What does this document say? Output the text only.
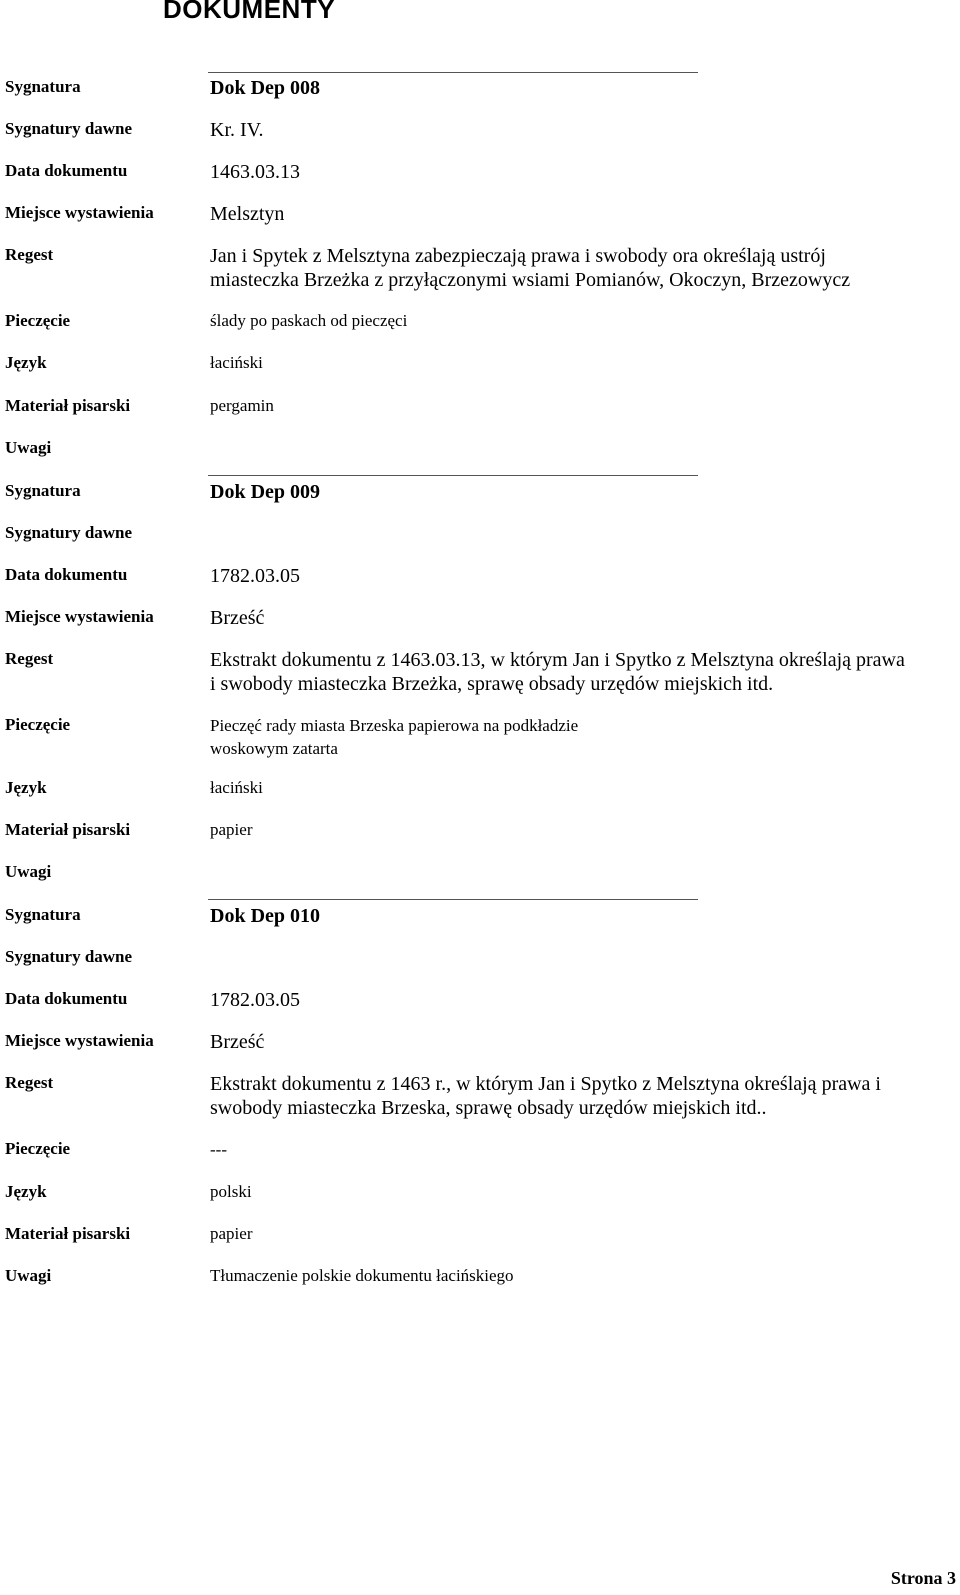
DOKUMENTY
Sygnatura	Dok Dep 008
Sygnatury dawne	Kr. IV.
Data dokumentu	1463.03.13
Miejsce wystawienia	Melsztyn
Regest	Jan i Spytek z Melsztyna zabezpieczają prawa i swobody ora określają ustrój
miasteczka Brzeżka z przyłączonymi wsiami Pomianów, Okoczyn, Brzezowycz
Pieczęcie	ślady po paskach od pieczęci
Język	łaciński
Materiał pisarski	pergamin
Uwagi
Sygnatura	Dok Dep 009
Sygnatury dawne
Data dokumentu	1782.03.05
Miejsce wystawienia	Brześć
Regest	Ekstrakt dokumentu z 1463.03.13, w którym Jan i Spytko z Melsztyna określają prawa
i swobody miasteczka Brzeżka, sprawę obsady urzędów miejskich itd.
Pieczęcie	Pieczęć rady miasta Brzeska papierowa na podkładzie
woskowym zatarta
Język	łaciński
Materiał pisarski	papier
Uwagi
Sygnatura	Dok Dep 010
Sygnatury dawne
Data dokumentu	1782.03.05
Miejsce wystawienia	Brześć
Regest	Ekstrakt dokumentu z 1463 r., w którym Jan i Spytko z Melsztyna określają prawa i
swobody miasteczka Brzeska, sprawę obsady urzędów miejskich itd..
Pieczęcie	---
Język	polski
Materiał pisarski	papier
Uwagi	Tłumaczenie polskie dokumentu łacińskiego
Strona 3
